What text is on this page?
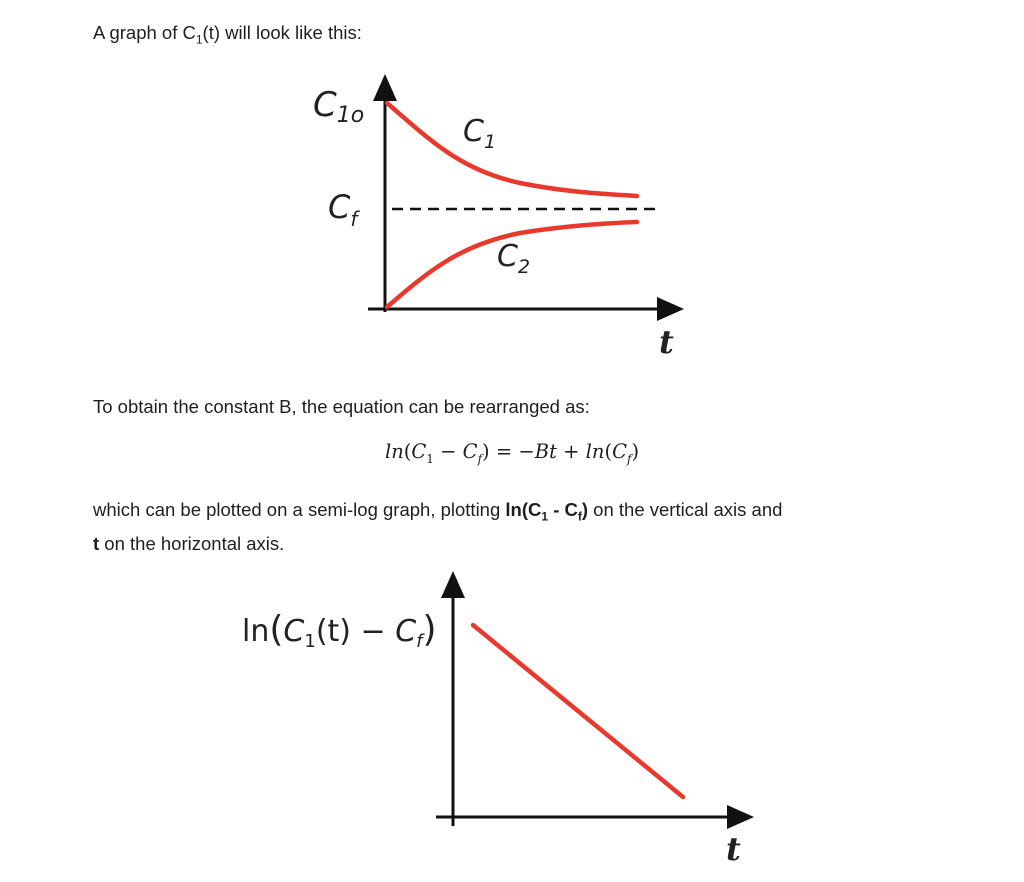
A graph of $C_1(t)$ will look like this:
C1o
$C_f$
$C_1$
$C_2$
t
To obtain the constant B, the equation can be rearranged as:
$\ln(C_1 - C_f) = -Bt + \ln(C_f)$
which can be plotted on a semi-log graph, plotting $\ln(C_1 - C_f)$ on the vertical axis and
t on the horizontal axis.
$\ln(C_1(t) - C_f)$
t
